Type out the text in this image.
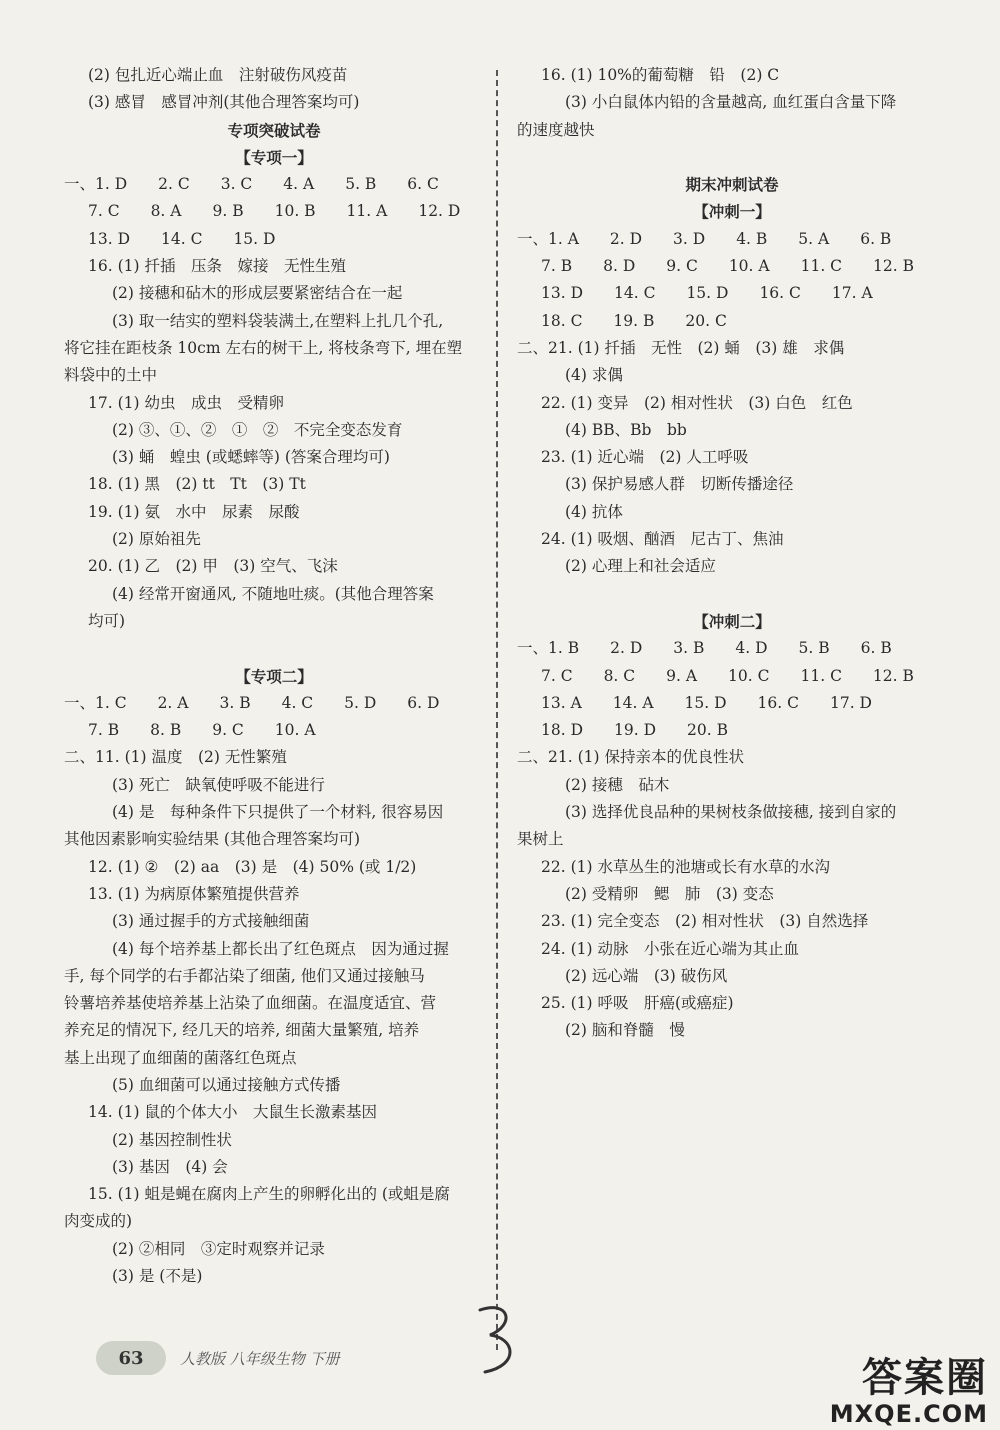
(2) 包扎近心端止血　注射破伤风疫苗
(3) 感冒　感冒冲剂(其他合理答案均可)
专项突破试卷
【专项一】
一、1. D　　2. C　　3. C　　4. A　　5. B　　6. C
7. C　　8. A　　9. B　　10. B　　11. A　　12. D
13. D　　14. C　　15. D
16. (1) 扦插　压条　嫁接　无性生殖
(2) 接穗和砧木的形成层要紧密结合在一起
(3) 取一结实的塑料袋装满土,在塑料上扎几个孔,
将它挂在距枝条 10cm 左右的树干上, 将枝条弯下, 埋在塑
料袋中的土中
17. (1) 幼虫　成虫　受精卵
(2) ③、①、②　①　②　不完全变态发育
(3) 蛹　蝗虫 (或蟋蟀等) (答案合理均可)
18. (1) 黑　(2) tt　Tt　(3) Tt
19. (1) 氨　水中　尿素　尿酸
(2) 原始祖先
20. (1) 乙　(2) 甲　(3) 空气、飞沫
(4) 经常开窗通风, 不随地吐痰。(其他合理答案
均可)
【专项二】
一、1. C　　2. A　　3. B　　4. C　　5. D　　6. D
7. B　　8. B　　9. C　　10. A
二、11. (1) 温度　(2) 无性繁殖
(3) 死亡　缺氧使呼吸不能进行
(4) 是　每种条件下只提供了一个材料, 很容易因
其他因素影响实验结果 (其他合理答案均可)
12. (1) ②　(2) aa　(3) 是　(4) 50% (或 1/2)
13. (1) 为病原体繁殖提供营养
(3) 通过握手的方式接触细菌
(4) 每个培养基上都长出了红色斑点　因为通过握
手, 每个同学的右手都沾染了细菌, 他们又通过接触马
铃薯培养基使培养基上沾染了血细菌。在温度适宜、营
养充足的情况下, 经几天的培养, 细菌大量繁殖, 培养
基上出现了血细菌的菌落红色斑点
(5) 血细菌可以通过接触方式传播
14. (1) 鼠的个体大小　大鼠生长激素基因
(2) 基因控制性状
(3) 基因　(4) 会
15. (1) 蛆是蝇在腐肉上产生的卵孵化出的 (或蛆是腐
肉变成的)
(2) ②相同　③定时观察并记录
(3) 是 (不是)
16. (1) 10%的葡萄糖　铅　(2) C
(3) 小白鼠体内铅的含量越高, 血红蛋白含量下降
的速度越快
期末冲刺试卷
【冲刺一】
一、1. A　　2. D　　3. D　　4. B　　5. A　　6. B
7. B　　8. D　　9. C　　10. A　　11. C　　12. B
13. D　　14. C　　15. D　　16. C　　17. A
18. C　　19. B　　20. C
二、21. (1) 扦插　无性　(2) 蛹　(3) 雄　求偶
(4) 求偶
22. (1) 变异　(2) 相对性状　(3) 白色　红色
(4) BB、Bb　bb
23. (1) 近心端　(2) 人工呼吸
(3) 保护易感人群　切断传播途径
(4) 抗体
24. (1) 吸烟、酗酒　尼古丁、焦油
(2) 心理上和社会适应
【冲刺二】
一、1. B　　2. D　　3. B　　4. D　　5. B　　6. B
7. C　　8. C　　9. A　　10. C　　11. C　　12. B
13. A　　14. A　　15. D　　16. C　　17. D
18. D　　19. D　　20. B
二、21. (1) 保持亲本的优良性状
(2) 接穗　砧木
(3) 选择优良品种的果树枝条做接穗, 接到自家的
果树上
22. (1) 水草丛生的池塘或长有水草的水沟
(2) 受精卵　鳃　肺　(3) 变态
23. (1) 完全变态　(2) 相对性状　(3) 自然选择
24. (1) 动脉　小张在近心端为其止血
(2) 远心端　(3) 破伤风
25. (1) 呼吸　肝癌(或癌症)
(2) 脑和脊髓　慢
63	人教版 八年级生物 下册	答案圈
MXQE.COM
